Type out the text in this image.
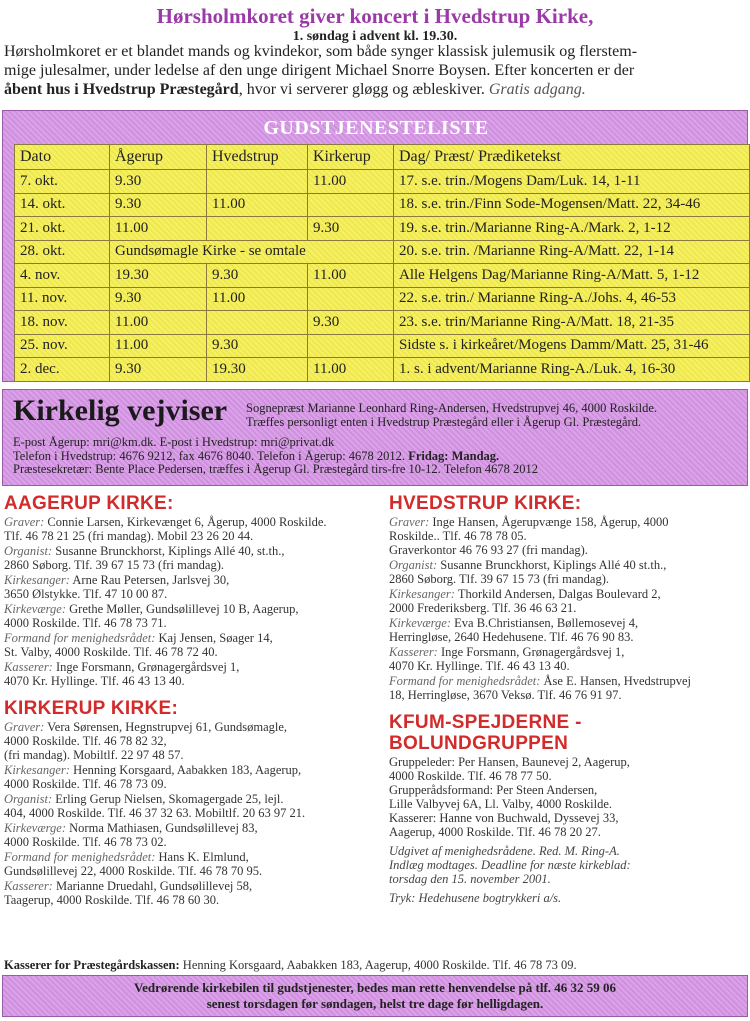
Hørsholmkoret giver koncert i Hvedstrup Kirke,
1. søndag i advent kl. 19.30.
Hørsholmkoret er et blandet mands og kvindekor, som både synger klassisk julemusik og flerstem-
mige julesalmer, under ledelse af den unge dirigent Michael Snorre Boysen. Efter koncerten er der
åbent hus i Hvedstrup Præstegård, hvor vi serverer gløgg og æbleskiver. Gratis adgang.
GUDSTJENESTELISTE
Dato	Ågerup	Hvedstrup	Kirkerup	Dag/ Præst/ Prædiketekst
7. okt.	9.30		11.00	17. s.e. trin./Mogens Dam/Luk. 14, 1-11
14. okt.	9.30	11.00		18. s.e. trin./Finn Sode-Mogensen/Matt. 22, 34-46
21. okt.	11.00		9.30	19. s.e. trin./Marianne Ring-A./Mark. 2, 1-12
28. okt.	Gundsømagle Kirke - se omtale			20. s.e. trin. /Marianne Ring-A/Matt. 22, 1-14
4. nov.	19.30	9.30	11.00	Alle Helgens Dag/Marianne Ring-A/Matt. 5, 1-12
11. nov.	9.30	11.00		22. s.e. trin./ Marianne Ring-A./Johs. 4, 46-53
18. nov.	11.00		9.30	23. s.e. trin/Marianne Ring-A/Matt. 18, 21-35
25. nov.	11.00	9.30		Sidste s. i kirkeåret/Mogens Damm/Matt. 25, 31-46
2. dec.	9.30	19.30	11.00	1. s. i advent/Marianne Ring-A./Luk. 4, 16-30
Kirkelig vejviser Sognepræst Marianne Leonhard Ring-Andersen, Hvedstrupvej 46, 4000 Roskilde.
Træffes personligt enten i Hvedstrup Præstegård eller i Ågerup Gl. Præstegård.
E-post Ågerup: mri@km.dk. E-post i Hvedstrup: mri@privat.dk
Telefon i Hvedstrup: 4676 9212, fax 4676 8040. Telefon i Ågerup: 4678 2012. Fridag: Mandag.
Præstesekretær: Bente Place Pedersen, træffes i Ågerup Gl. Præstegård tirs-fre 10-12. Telefon 4678 2012
AAGERUP KIRKE:
Graver: Connie Larsen, Kirkevænget 6, Ågerup, 4000 Roskilde.
Tlf. 46 78 21 25 (fri mandag). Mobil 23 26 20 44.
Organist: Susanne Brunckhorst, Kiplings Allé 40, st.th.,
2860 Søborg. Tlf. 39 67 15 73 (fri mandag).
Kirkesanger: Arne Rau Petersen, Jarlsvej 30,
3650 Ølstykke. Tlf. 47 10 00 87.
Kirkeværge: Grethe Møller, Gundsølillevej 10 B, Aagerup,
4000 Roskilde. Tlf. 46 78 73 71.
Formand for menighedsrådet: Kaj Jensen, Søager 14,
St. Valby, 4000 Roskilde. Tlf. 46 78 72 40.
Kasserer: Inge Forsmann, Grønagergårdsvej 1,
4070 Kr. Hyllinge. Tlf. 46 43 13 40.
KIRKERUP KIRKE:
Graver: Vera Sørensen, Hegnstrupvej 61, Gundsømagle,
4000 Roskilde. Tlf. 46 78 82 32,
(fri mandag). Mobiltlf. 22 97 48 57.
Kirkesanger: Henning Korsgaard, Aabakken 183, Aagerup,
4000 Roskilde. Tlf. 46 78 73 09.
Organist: Erling Gerup Nielsen, Skomagergade 25, lejl.
404, 4000 Roskilde. Tlf. 46 37 32 63. Mobiltlf. 20 63 97 21.
Kirkeværge: Norma Mathiasen, Gundsølillevej 83,
4000 Roskilde. Tlf. 46 78 73 02.
Formand for menighedsrådet: Hans K. Elmlund,
Gundsølillevej 22, 4000 Roskilde. Tlf. 46 78 70 95.
Kasserer: Marianne Druedahl, Gundsølillevej 58,
Taagerup, 4000 Roskilde. Tlf. 46 78 60 30.
HVEDSTRUP KIRKE:
Graver: Inge Hansen, Ågerupvænge 158, Ågerup, 4000
Roskilde.. Tlf. 46 78 78 05.
Graverkontor 46 76 93 27 (fri mandag).
Organist: Susanne Brunckhorst, Kiplings Allé 40 st.th.,
2860 Søborg. Tlf. 39 67 15 73 (fri mandag).
Kirkesanger: Thorkild Andersen, Dalgas Boulevard 2,
2000 Frederiksberg. Tlf. 36 46 63 21.
Kirkeværge: Eva B.Christiansen, Bøllemosevej 4,
Herringløse, 2640 Hedehusene. Tlf. 46 76 90 83.
Kasserer: Inge Forsmann, Grønagergårdsvej 1,
4070 Kr. Hyllinge. Tlf. 46 43 13 40.
Formand for menighedsrådet: Åse E. Hansen, Hvedstrupvej
18, Herringløse, 3670 Veksø. Tlf. 46 76 91 97.
KFUM-SPEJDERNE -
BOLUNDGRUPPEN
Gruppeleder: Per Hansen, Baunevej 2, Aagerup,
4000 Roskilde. Tlf. 46 78 77 50.
Grupperådsformand: Per Steen Andersen,
Lille Valbyvej 6A, Ll. Valby, 4000 Roskilde.
Kasserer: Hanne von Buchwald, Dyssevej 33,
Aagerup, 4000 Roskilde. Tlf. 46 78 20 27.
Udgivet af menighedsrådene. Red. M. Ring-A.
Indlæg modtages. Deadline for næste kirkeblad:
torsdag den 15. november 2001.
Tryk: Hedehusene bogtrykkeri a/s.
Kasserer for Præstegårdskassen: Henning Korsgaard, Aabakken 183, Aagerup, 4000 Roskilde. Tlf. 46 78 73 09.
Vedrørende kirkebilen til gudstjenester, bedes man rette henvendelse på tlf. 46 32 59 06
senest torsdagen før søndagen, helst tre dage før helligdagen.
